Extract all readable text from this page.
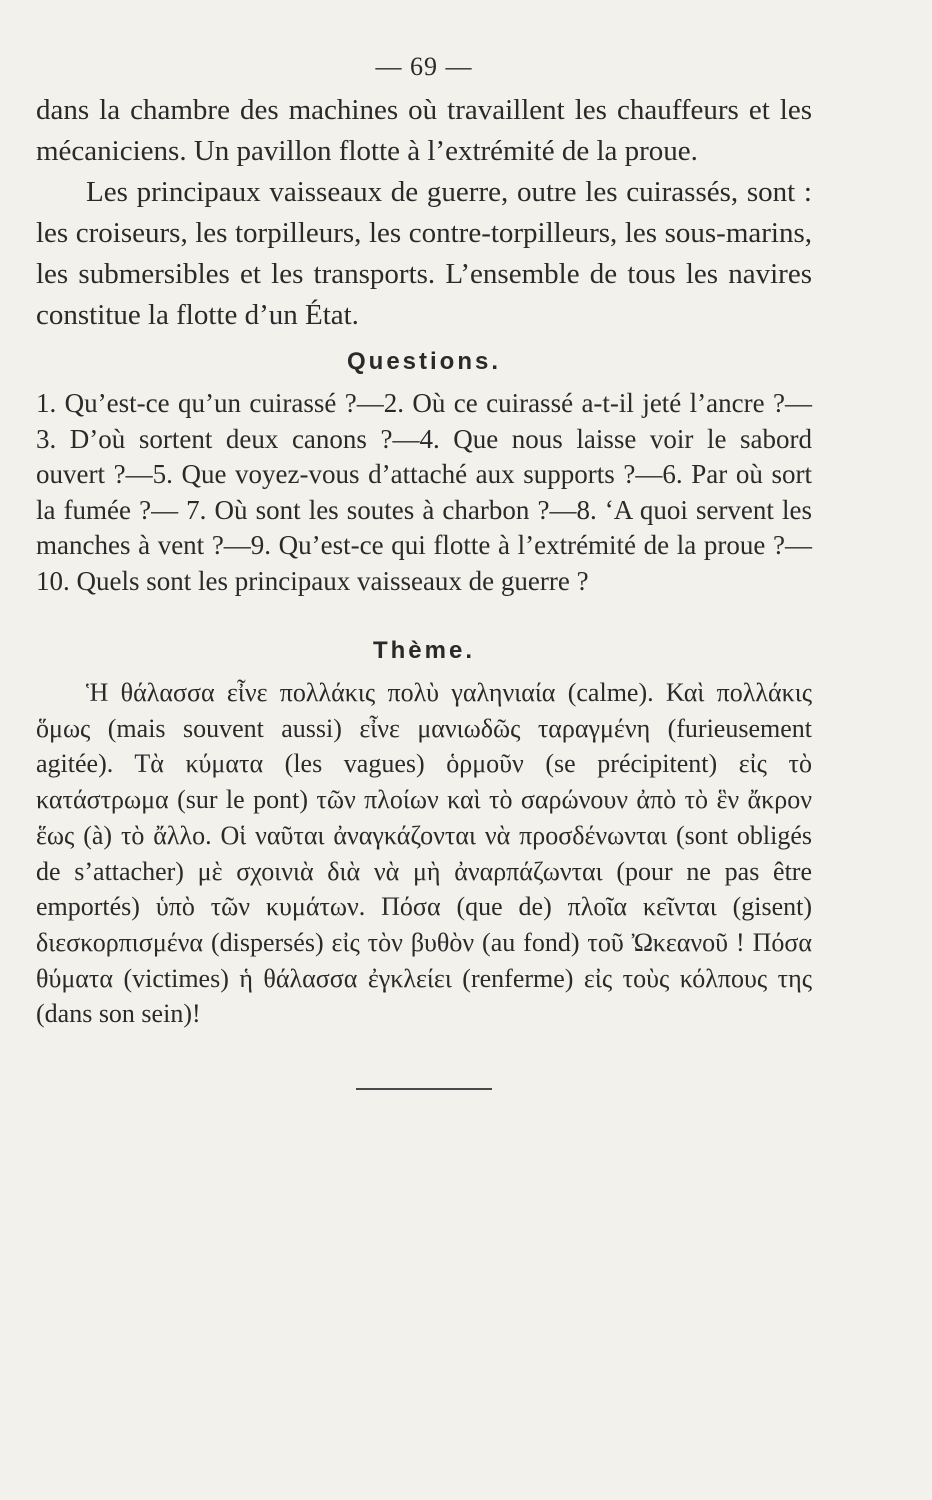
— 69 —

dans la chambre des machines où travaillent les chauffeurs et les mécaniciens. Un pavillon flotte à l’extrémité de la proue.

Les principaux vaisseaux de guerre, outre les cuirassés, sont : les croiseurs, les torpilleurs, les contre-torpilleurs, les sous-marins, les submersibles et les transports. L’ensemble de tous les navires constitue la flotte d’un État.

Questions.

1. Qu’est-ce qu’un cuirassé ?—2. Où ce cuirassé a-t-il jeté l’ancre ?—3. D’où sortent deux canons ?—4. Que nous laisse voir le sabord ouvert ?—5. Que voyez-vous d’attaché aux supports ?—6. Par où sort la fumée ?— 7. Où sont les soutes à charbon ?—8. ‘A quoi servent les manches à vent ?—9. Qu’est-ce qui flotte à l’extrémité de la proue ?— 10. Quels sont les principaux vaisseaux de guerre ?

Thème.

Ἡ θάλασσα εἶνε πολλάκις πολὺ γαληνιαία (calme). Καὶ πολλάκις ὅμως (mais souvent aussi) εἶνε μανιωδῶς ταραγμένη (furieusement agitée). Τὰ κύματα (les vagues) ὁρμοῦν (se précipitent) εἰς τὸ κατάστρωμα (sur le pont) τῶν πλοίων καὶ τὸ σαρώνουν ἀπὸ τὸ ἓν ἄκρον ἕως (à) τὸ ἄλλο. Οἱ ναῦται ἀναγκάζονται νὰ προσδένωνται (sont obligés de s’attacher) μὲ σχοινιὰ διὰ νὰ μὴ ἀναρπάζωνται (pour ne pas être emportés) ὑπὸ τῶν κυμάτων. Πόσα (que de) πλοῖα κεῖνται (gisent) διεσκορπισμένα (dispersés) εἰς τὸν βυθὸν (au fond) τοῦ Ὠκεανοῦ ! Πόσα θύματα (victimes) ἡ θάλασσα ἐγκλείει (renferme) εἰς τοὺς κόλπους της (dans son sein)!
